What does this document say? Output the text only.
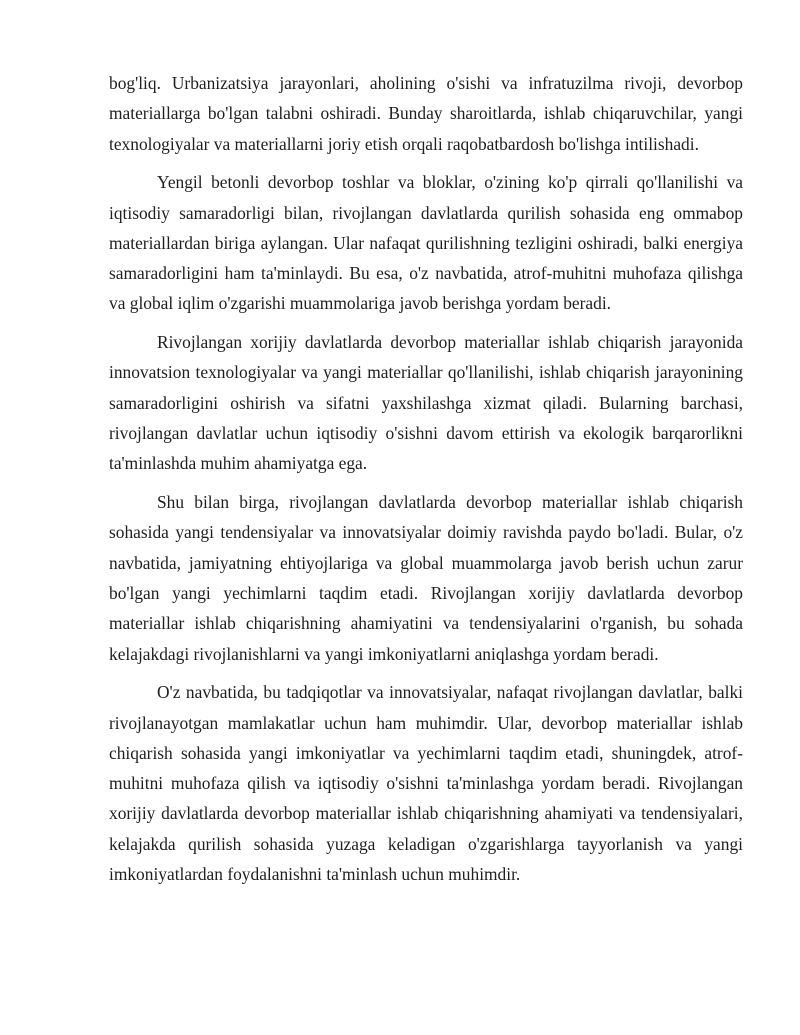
bog'liq. Urbanizatsiya jarayonlari, aholining o'sishi va infratuzilma rivoji, devorbop materiallarga bo'lgan talabni oshiradi. Bunday sharoitlarda, ishlab chiqaruvchilar, yangi texnologiyalar va materiallarni joriy etish orqali raqobatbardosh bo'lishga intilishadi.

Yengil betonli devorbop toshlar va bloklar, o'zining ko'p qirrali qo'llanilishi va iqtisodiy samaradorligi bilan, rivojlangan davlatlarda qurilish sohasida eng ommabop materiallardan biriga aylangan. Ular nafaqat qurilishning tezligini oshiradi, balki energiya samaradorligini ham ta'minlaydi. Bu esa, o'z navbatida, atrof-muhitni muhofaza qilishga va global iqlim o'zgarishi muammolariga javob berishga yordam beradi.

Rivojlangan xorijiy davlatlarda devorbop materiallar ishlab chiqarish jarayonida innovatsion texnologiyalar va yangi materiallar qo'llanilishi, ishlab chiqarish jarayonining samaradorligini oshirish va sifatni yaxshilashga xizmat qiladi. Bularning barchasi, rivojlangan davlatlar uchun iqtisodiy o'sishni davom ettirish va ekologik barqarorlikni ta'minlashda muhim ahamiyatga ega.

Shu bilan birga, rivojlangan davlatlarda devorbop materiallar ishlab chiqarish sohasida yangi tendensiyalar va innovatsiyalar doimiy ravishda paydo bo'ladi. Bular, o'z navbatida, jamiyatning ehtiyojlariga va global muammolarga javob berish uchun zarur bo'lgan yangi yechimlarni taqdim etadi. Rivojlangan xorijiy davlatlarda devorbop materiallar ishlab chiqarishning ahamiyatini va tendensiyalarini o'rganish, bu sohada kelajakdagi rivojlanishlarni va yangi imkoniyatlarni aniqlashga yordam beradi.

O'z navbatida, bu tadqiqotlar va innovatsiyalar, nafaqat rivojlangan davlatlar, balki rivojlanayotgan mamlakatlar uchun ham muhimdir. Ular, devorbop materiallar ishlab chiqarish sohasida yangi imkoniyatlar va yechimlarni taqdim etadi, shuningdek, atrof-muhitni muhofaza qilish va iqtisodiy o'sishni ta'minlashga yordam beradi. Rivojlangan xorijiy davlatlarda devorbop materiallar ishlab chiqarishning ahamiyati va tendensiyalari, kelajakda qurilish sohasida yuzaga keladigan o'zgarishlarga tayyorlanish va yangi imkoniyatlardan foydalanishni ta'minlash uchun muhimdir.
